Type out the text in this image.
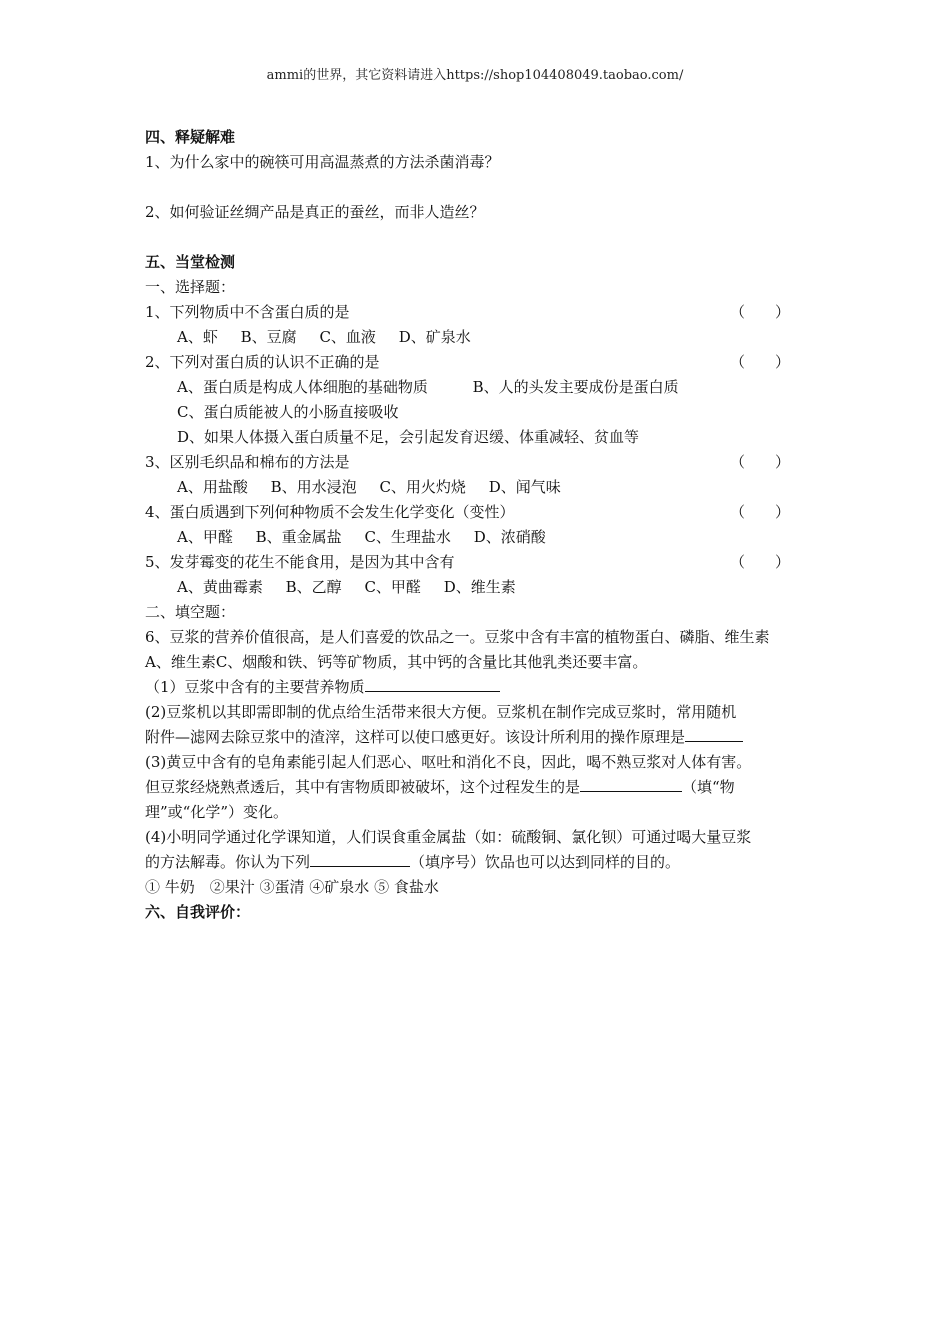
ammi的世界，其它资料请进入https://shop104408049.taobao.com/
四、释疑解难
1、为什么家中的碗筷可用高温蒸煮的方法杀菌消毒？
2、如何验证丝绸产品是真正的蚕丝，而非人造丝？
五、当堂检测
一、选择题：
1、下列物质中不含蛋白质的是	（　　）
A、虾 B、豆腐 C、血液 D、矿泉水
2、下列对蛋白质的认识不正确的是	（　　）
A、蛋白质是构成人体细胞的基础物质	B、人的头发主要成份是蛋白质
C、蛋白质能被人的小肠直接吸收
D、如果人体摄入蛋白质量不足，会引起发育迟缓、体重减轻、贫血等
3、区别毛织品和棉布的方法是	（　　）
A、用盐酸 B、用水浸泡 C、用火灼烧 D、闻气味
4、蛋白质遇到下列何种物质不会发生化学变化（变性）	（　　）
A、甲醛 B、重金属盐 C、生理盐水 D、浓硝酸
5、发芽霉变的花生不能食用，是因为其中含有	（　　）
A、黄曲霉素 B、乙醇 C、甲醛 D、维生素
二、填空题：
6、豆浆的营养价值很高，是人们喜爱的饮品之一。豆浆中含有丰富的植物蛋白、磷脂、维生素
A、维生素C、烟酸和铁、钙等矿物质，其中钙的含量比其他乳类还要丰富。
（1）豆浆中含有的主要营养物质
(2)豆浆机以其即需即制的优点给生活带来很大方便。豆浆机在制作完成豆浆时，常用随机
附件—滤网去除豆浆中的渣滓，这样可以使口感更好。该设计所利用的操作原理是
(3)黄豆中含有的皂角素能引起人们恶心、呕吐和消化不良，因此，喝不熟豆浆对人体有害。
但豆浆经烧熟煮透后，其中有害物质即被破坏，这个过程发生的是	（填“物
理”或“化学”）变化。
(4)小明同学通过化学课知道，人们误食重金属盐（如：硫酸铜、氯化钡）可通过喝大量豆浆
的方法解毒。你认为下列	（填序号）饮品也可以达到同样的目的。
① 牛奶　②果汁 ③蛋清 ④矿泉水 ⑤ 食盐水
六、自我评价：
